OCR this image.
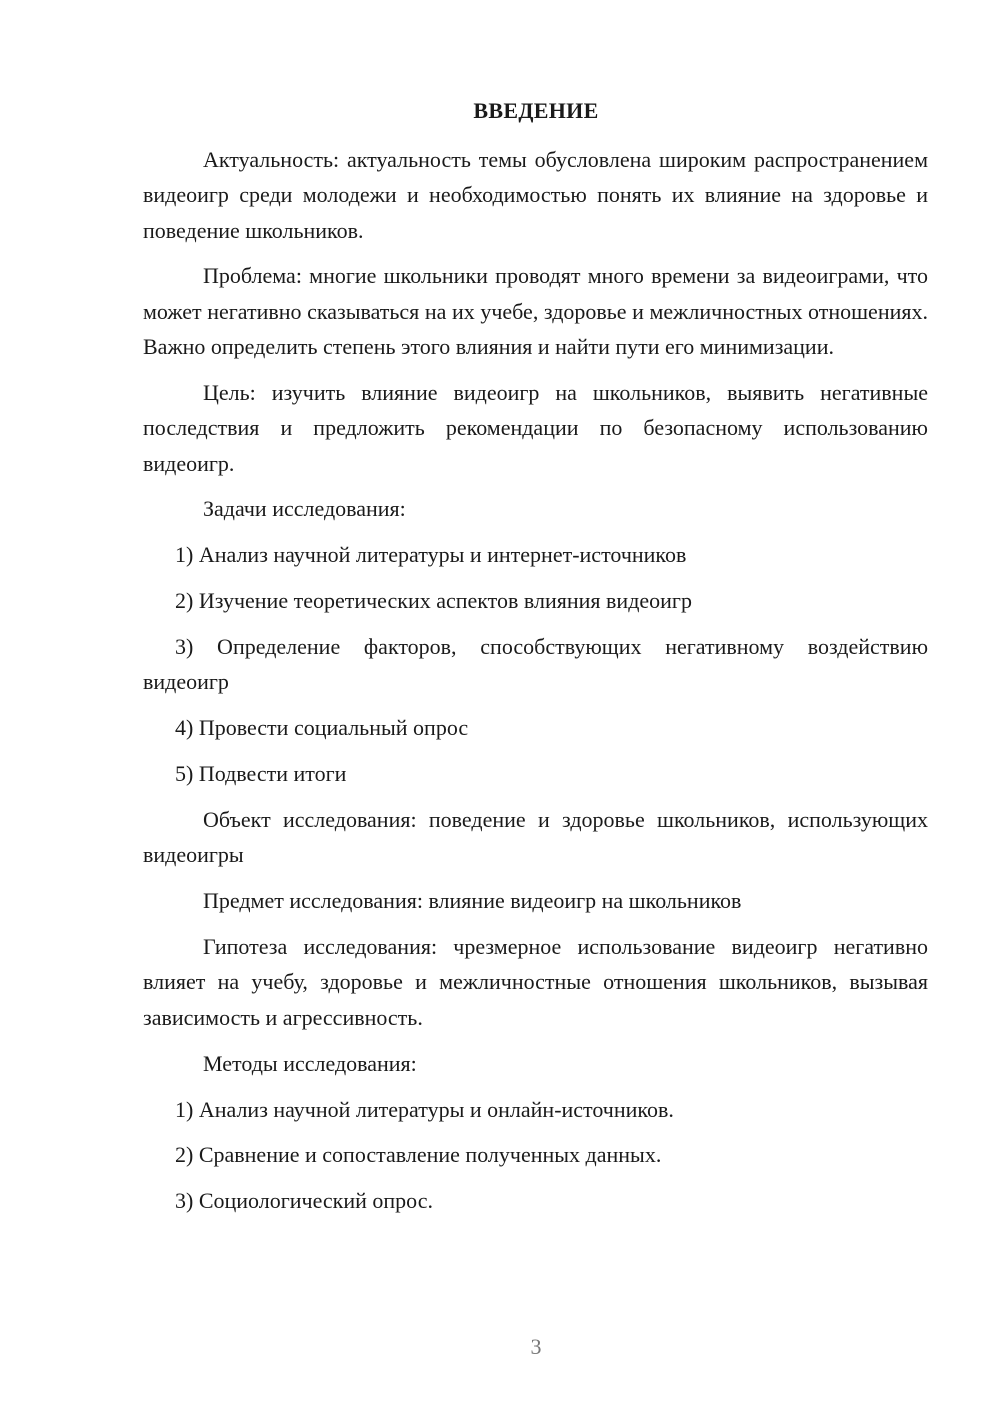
ВВЕДЕНИЕ

Актуальность: актуальность темы обусловлена широким распространением видеоигр среди молодежи и необходимостью понять их влияние на здоровье и поведение школьников.

Проблема: многие школьники проводят много времени за видеоиграми, что может негативно сказываться на их учебе, здоровье и межличностных отношениях. Важно определить степень этого влияния и найти пути его минимизации.

Цель: изучить влияние видеоигр на школьников, выявить негативные последствия и предложить рекомендации по безопасному использованию видеоигр.

Задачи исследования:

1) Анализ научной литературы и интернет-источников

2) Изучение теоретических аспектов влияния видеоигр

3) Определение факторов, способствующих негативному воздействию видеоигр

4) Провести социальный опрос

5) Подвести итоги

Объект исследования: поведение и здоровье школьников, использующих видеоигры

Предмет исследования: влияние видеоигр на школьников

Гипотеза исследования: чрезмерное использование видеоигр негативно влияет на учебу, здоровье и межличностные отношения школьников, вызывая зависимость и агрессивность.

Методы исследования:

1) Анализ научной литературы и онлайн-источников.

2) Сравнение и сопоставление полученных данных.

3) Социологический опрос.

3
